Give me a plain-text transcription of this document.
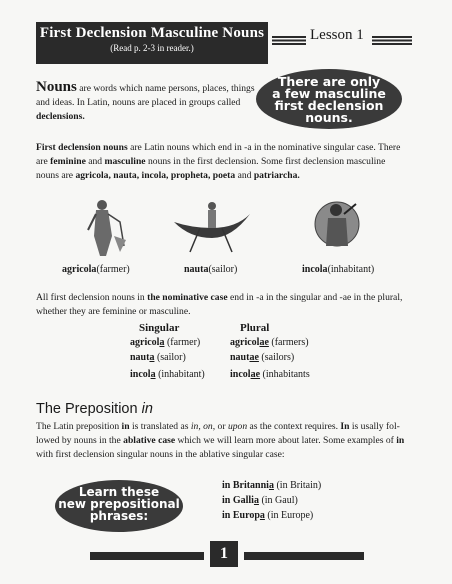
First Declension Masculine Nouns
(Read p. 2-3 in reader.)
Lesson 1
There are only
a few masculine
first declension
nouns.
Nouns are words which name persons, places, things
and ideas. In Latin, nouns are placed in groups called
declensions.
First declension nouns are Latin nouns which end in -a in the nominative singular case. There
are feminine and masculine nouns in the first declension. Some first declension masculine
nouns are agricola, nauta, incola, propheta, poeta and patriarcha.
agricola(farmer)	nauta(sailor)	incola(inhabitant)
All first declension nouns in the nominative case end in -a in the singular and -ae in the plural,
whether they are feminine or masculine.
Singular	Plural
agricola (farmer)	agricolae (farmers)
nauta (sailor)	nautae (sailors)
incola (inhabitant)	incolae (inhabitants
The Preposition in
The Latin preposition in is translated as in, on, or upon as the context requires. In is usally fol-
lowed by nouns in the ablative case which we will learn more about later. Some examples of in
with first declension singular nouns in the ablative singular case:
Learn these
new prepositional
phrases:
in Britannia (in Britain)
in Gallia (in Gaul)
in Europa (in Europe)
1
